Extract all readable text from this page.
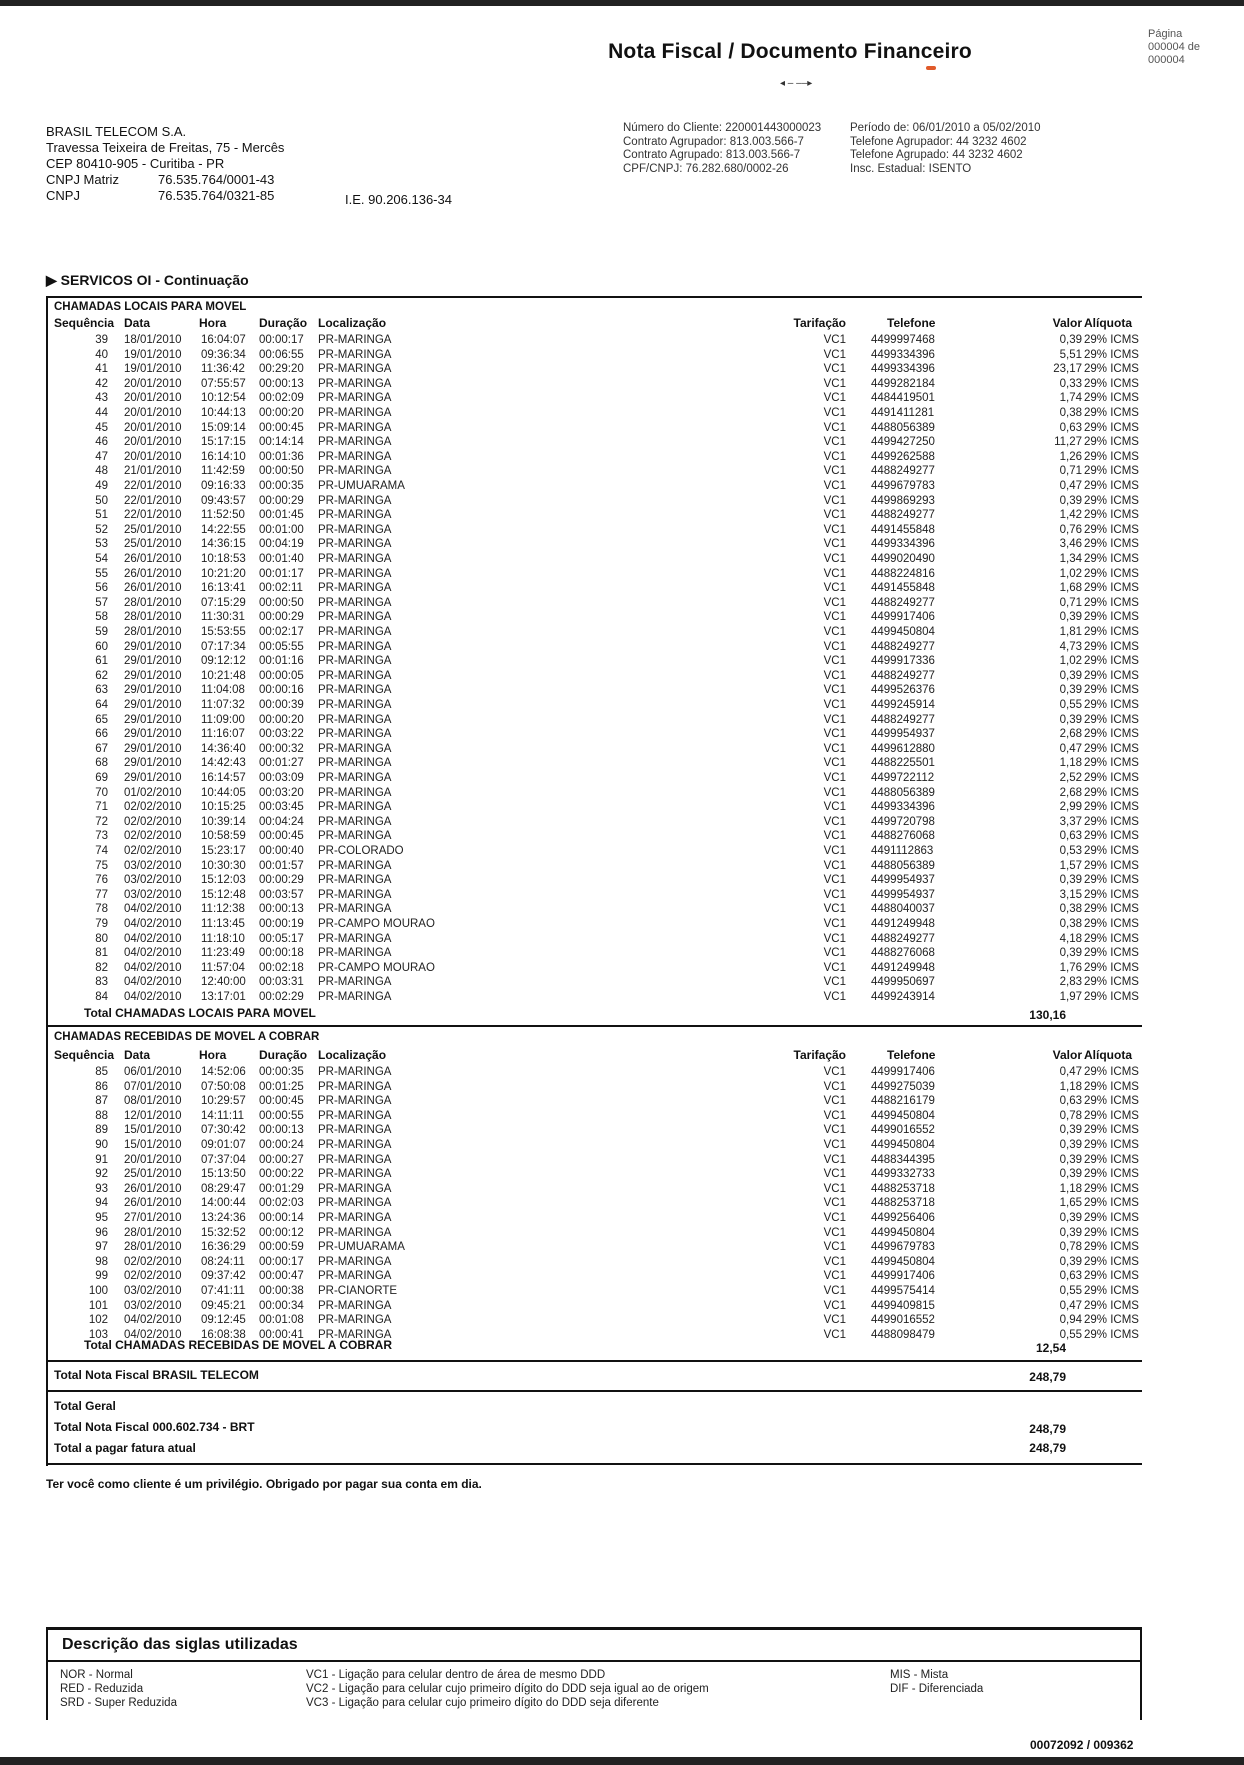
Nota Fiscal / Documento Financeiro
◂ ‒ ‒‒▸
Página
000004 de
000004
BRASIL TELECOM S.A.
Travessa Teixeira de Freitas, 75 - Mercês
CEP 80410-905 - Curitiba - PR
CNPJ Matriz	76.535.764/0001-43
CNPJ	76.535.764/0321-85	I.E. 90.206.136-34
Número do Cliente: 220001443000023
Contrato Agrupador: 813.003.566-7
Contrato Agrupado: 813.003.566-7
CPF/CNPJ: 76.282.680/0002-26
Período de: 06/01/2010 a 05/02/2010
Telefone Agrupador: 44 3232 4602
Telefone Agrupado: 44 3232 4602
Insc. Estadual: ISENTO
▶ SERVICOS OI - Continuação
CHAMADAS LOCAIS PARA MOVEL
Sequência Data	Hora	Duração Localização	Tarifação	Telefone	Valor Alíquota
39 18/01/2010 16:04:07 00:00:17 PR-MARINGA	VC1 4499997468	0,39 29% ICMS
40 19/01/2010 09:36:34 00:06:55 PR-MARINGA	VC1 4499334396	5,51 29% ICMS
41 19/01/2010 11:36:42 00:29:20 PR-MARINGA	VC1 4499334396	23,17 29% ICMS
42 20/01/2010 07:55:57 00:00:13 PR-MARINGA	VC1 4499282184	0,33 29% ICMS
43 20/01/2010 10:12:54 00:02:09 PR-MARINGA	VC1 4484419501	1,74 29% ICMS
44 20/01/2010 10:44:13 00:00:20 PR-MARINGA	VC1 4491411281	0,38 29% ICMS
45 20/01/2010 15:09:14 00:00:45 PR-MARINGA	VC1 4488056389	0,63 29% ICMS
46 20/01/2010 15:17:15 00:14:14 PR-MARINGA	VC1 4499427250	11,27 29% ICMS
47 20/01/2010 16:14:10 00:01:36 PR-MARINGA	VC1 4499262588	1,26 29% ICMS
48 21/01/2010 11:42:59 00:00:50 PR-MARINGA	VC1 4488249277	0,71 29% ICMS
49 22/01/2010 09:16:33 00:00:35 PR-UMUARAMA	VC1 4499679783	0,47 29% ICMS
50 22/01/2010 09:43:57 00:00:29 PR-MARINGA	VC1 4499869293	0,39 29% ICMS
51 22/01/2010 11:52:50 00:01:45 PR-MARINGA	VC1 4488249277	1,42 29% ICMS
52 25/01/2010 14:22:55 00:01:00 PR-MARINGA	VC1 4491455848	0,76 29% ICMS
53 25/01/2010 14:36:15 00:04:19 PR-MARINGA	VC1 4499334396	3,46 29% ICMS
54 26/01/2010 10:18:53 00:01:40 PR-MARINGA	VC1 4499020490	1,34 29% ICMS
55 26/01/2010 10:21:20 00:01:17 PR-MARINGA	VC1 4488224816	1,02 29% ICMS
56 26/01/2010 16:13:41 00:02:11 PR-MARINGA	VC1 4491455848	1,68 29% ICMS
57 28/01/2010 07:15:29 00:00:50 PR-MARINGA	VC1 4488249277	0,71 29% ICMS
58 28/01/2010 11:30:31 00:00:29 PR-MARINGA	VC1 4499917406	0,39 29% ICMS
59 28/01/2010 15:53:55 00:02:17 PR-MARINGA	VC1 4499450804	1,81 29% ICMS
60 29/01/2010 07:17:34 00:05:55 PR-MARINGA	VC1 4488249277	4,73 29% ICMS
61 29/01/2010 09:12:12 00:01:16 PR-MARINGA	VC1 4499917336	1,02 29% ICMS
62 29/01/2010 10:21:48 00:00:05 PR-MARINGA	VC1 4488249277	0,39 29% ICMS
63 29/01/2010 11:04:08 00:00:16 PR-MARINGA	VC1 4499526376	0,39 29% ICMS
64 29/01/2010 11:07:32 00:00:39 PR-MARINGA	VC1 4499245914	0,55 29% ICMS
65 29/01/2010 11:09:00 00:00:20 PR-MARINGA	VC1 4488249277	0,39 29% ICMS
66 29/01/2010 11:16:07 00:03:22 PR-MARINGA	VC1 4499954937	2,68 29% ICMS
67 29/01/2010 14:36:40 00:00:32 PR-MARINGA	VC1 4499612880	0,47 29% ICMS
68 29/01/2010 14:42:43 00:01:27 PR-MARINGA	VC1 4488225501	1,18 29% ICMS
69 29/01/2010 16:14:57 00:03:09 PR-MARINGA	VC1 4499722112	2,52 29% ICMS
70 01/02/2010 10:44:05 00:03:20 PR-MARINGA	VC1 4488056389	2,68 29% ICMS
71 02/02/2010 10:15:25 00:03:45 PR-MARINGA	VC1 4499334396	2,99 29% ICMS
72 02/02/2010 10:39:14 00:04:24 PR-MARINGA	VC1 4499720798	3,37 29% ICMS
73 02/02/2010 10:58:59 00:00:45 PR-MARINGA	VC1 4488276068	0,63 29% ICMS
74 02/02/2010 15:23:17 00:00:40 PR-COLORADO	VC1 4491112863	0,53 29% ICMS
75 03/02/2010 10:30:30 00:01:57 PR-MARINGA	VC1 4488056389	1,57 29% ICMS
76 03/02/2010 15:12:03 00:00:29 PR-MARINGA	VC1 4499954937	0,39 29% ICMS
77 03/02/2010 15:12:48 00:03:57 PR-MARINGA	VC1 4499954937	3,15 29% ICMS
78 04/02/2010 11:12:38 00:00:13 PR-MARINGA	VC1 4488040037	0,38 29% ICMS
79 04/02/2010 11:13:45 00:00:19 PR-CAMPO MOURAO	VC1 4491249948	0,38 29% ICMS
80 04/02/2010 11:18:10 00:05:17 PR-MARINGA	VC1 4488249277	4,18 29% ICMS
81 04/02/2010 11:23:49 00:00:18 PR-MARINGA	VC1 4488276068	0,39 29% ICMS
82 04/02/2010 11:57:04 00:02:18 PR-CAMPO MOURAO	VC1 4491249948	1,76 29% ICMS
83 04/02/2010 12:40:00 00:03:31 PR-MARINGA	VC1 4499950697	2,83 29% ICMS
84 04/02/2010 13:17:01 00:02:29 PR-MARINGA	VC1 4499243914	1,97 29% ICMS
Total CHAMADAS LOCAIS PARA MOVEL	130,16
CHAMADAS RECEBIDAS DE MOVEL A COBRAR
Sequência Data	Hora	Duração Localização	Tarifação	Telefone	Valor Alíquota
85 06/01/2010 14:52:06 00:00:35 PR-MARINGA	VC1 4499917406	0,47 29% ICMS
86 07/01/2010 07:50:08 00:01:25 PR-MARINGA	VC1 4499275039	1,18 29% ICMS
87 08/01/2010 10:29:57 00:00:45 PR-MARINGA	VC1 4488216179	0,63 29% ICMS
88 12/01/2010 14:11:11 00:00:55 PR-MARINGA	VC1 4499450804	0,78 29% ICMS
89 15/01/2010 07:30:42 00:00:13 PR-MARINGA	VC1 4499016552	0,39 29% ICMS
90 15/01/2010 09:01:07 00:00:24 PR-MARINGA	VC1 4499450804	0,39 29% ICMS
91 20/01/2010 07:37:04 00:00:27 PR-MARINGA	VC1 4488344395	0,39 29% ICMS
92 25/01/2010 15:13:50 00:00:22 PR-MARINGA	VC1 4499332733	0,39 29% ICMS
93 26/01/2010 08:29:47 00:01:29 PR-MARINGA	VC1 4488253718	1,18 29% ICMS
94 26/01/2010 14:00:44 00:02:03 PR-MARINGA	VC1 4488253718	1,65 29% ICMS
95 27/01/2010 13:24:36 00:00:14 PR-MARINGA	VC1 4499256406	0,39 29% ICMS
96 28/01/2010 15:32:52 00:00:12 PR-MARINGA	VC1 4499450804	0,39 29% ICMS
97 28/01/2010 16:36:29 00:00:59 PR-UMUARAMA	VC1 4499679783	0,78 29% ICMS
98 02/02/2010 08:24:11 00:00:17 PR-MARINGA	VC1 4499450804	0,39 29% ICMS
99 02/02/2010 09:37:42 00:00:47 PR-MARINGA	VC1 4499917406	0,63 29% ICMS
100 03/02/2010 07:41:11 00:00:38 PR-CIANORTE	VC1 4499575414	0,55 29% ICMS
101 03/02/2010 09:45:21 00:00:34 PR-MARINGA	VC1 4499409815	0,47 29% ICMS
102 04/02/2010 09:12:45 00:01:08 PR-MARINGA	VC1 4499016552	0,94 29% ICMS
103 04/02/2010 16:08:38 00:00:41 PR-MARINGA	VC1 4488098479	0,55 29% ICMS
Total CHAMADAS RECEBIDAS DE MOVEL A COBRAR	12,54
Total Nota Fiscal BRASIL TELECOM	248,79
Total Geral
Total Nota Fiscal 000.602.734 - BRT	248,79
Total a pagar fatura atual	248,79
Ter você como cliente é um privilégio. Obrigado por pagar sua conta em dia.
Descrição das siglas utilizadas
NOR - Normal
RED - Reduzida
SRD - Super Reduzida
VC1 - Ligação para celular dentro de área de mesmo DDD
VC2 - Ligação para celular cujo primeiro dígito do DDD seja igual ao de origem
VC3 - Ligação para celular cujo primeiro dígito do DDD seja diferente
MIS - Mista
DIF - Diferenciada
00072092 / 009362
